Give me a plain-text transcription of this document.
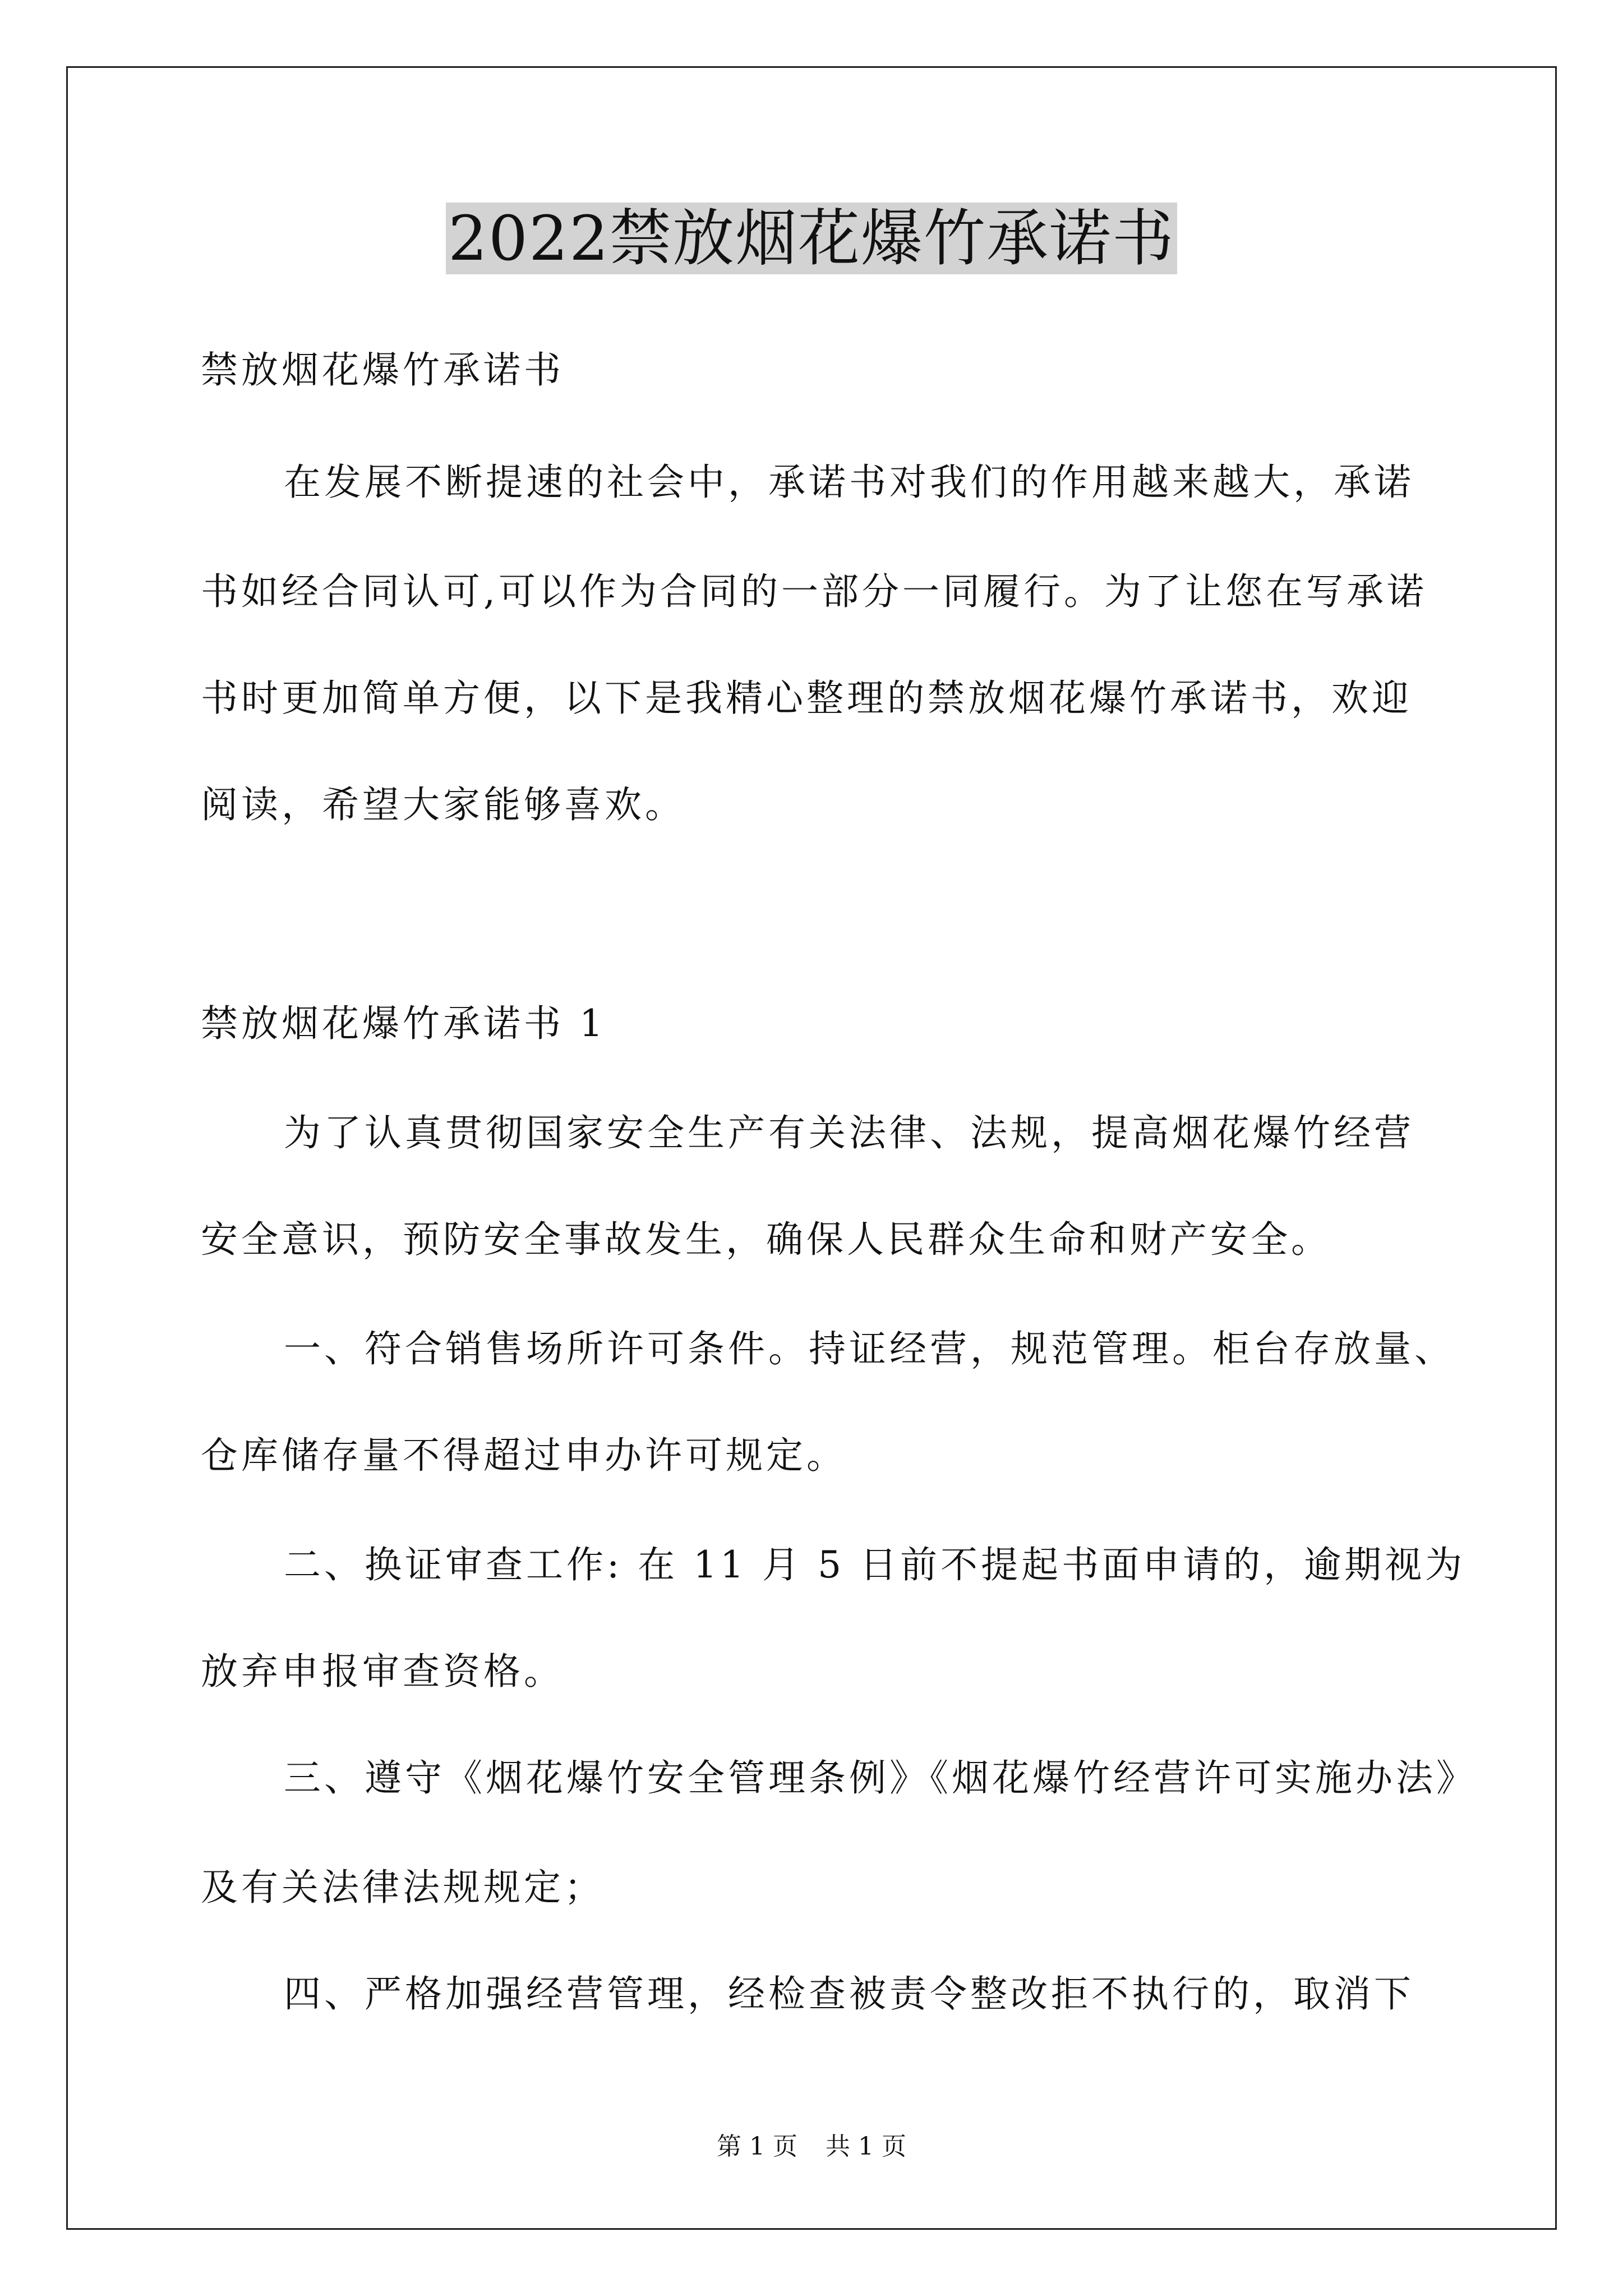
2022禁放烟花爆竹承诺书
禁放烟花爆竹承诺书
在发展不断提速的社会中，承诺书对我们的作用越来越大，承诺
书如经合同认可,可以作为合同的一部分一同履行。为了让您在写承诺
书时更加简单方便，以下是我精心整理的禁放烟花爆竹承诺书，欢迎
阅读，希望大家能够喜欢。
禁放烟花爆竹承诺书 1
为了认真贯彻国家安全生产有关法律、法规，提高烟花爆竹经营
安全意识，预防安全事故发生，确保人民群众生命和财产安全。
一、符合销售场所许可条件。持证经营，规范管理。柜台存放量、
仓库储存量不得超过申办许可规定。
二、换证审查工作: 在 11 月 5 日前不提起书面申请的，逾期视为
放弃申报审查资格。
三、遵守《烟花爆竹安全管理条例》《烟花爆竹经营许可实施办法》
及有关法律法规规定；
四、严格加强经营管理，经检查被责令整改拒不执行的，取消下
第 1 页 共 1 页
